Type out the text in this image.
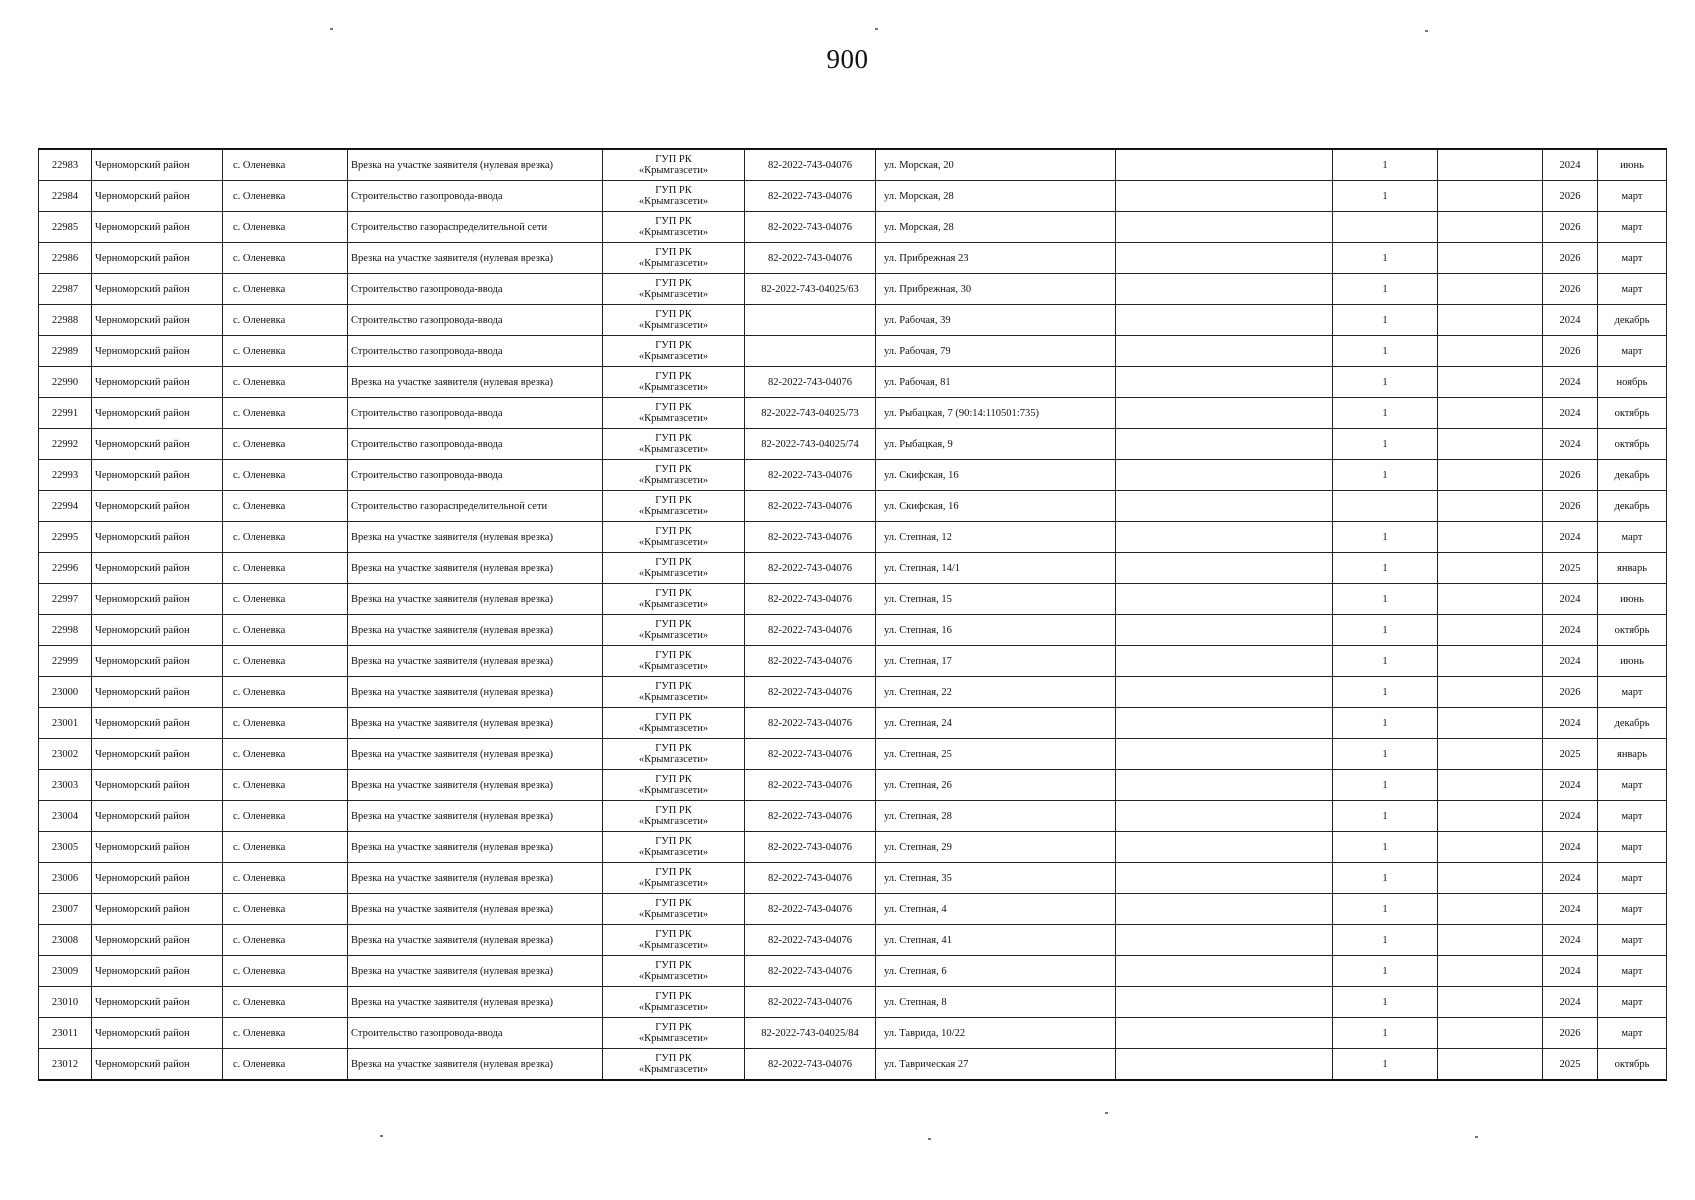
900
22983	Черноморский район	с. Оленевка	Врезка на участке заявителя (нулевая врезка)	ГУП РК
«Крымгазсети»	82-2022-743-04076	ул. Морская, 20		1		2024	июнь
22984	Черноморский район	с. Оленевка	Строительство газопровода-ввода	ГУП РК
«Крымгазсети»	82-2022-743-04076	ул. Морская, 28		1		2026	март
22985	Черноморский район	с. Оленевка	Строительство газораспределительной сети	ГУП РК
«Крымгазсети»	82-2022-743-04076	ул. Морская, 28				2026	март
22986	Черноморский район	с. Оленевка	Врезка на участке заявителя (нулевая врезка)	ГУП РК
«Крымгазсети»	82-2022-743-04076	ул. Прибрежная 23		1		2026	март
22987	Черноморский район	с. Оленевка	Строительство газопровода-ввода	ГУП РК
«Крымгазсети»	82-2022-743-04025/63	ул. Прибрежная, 30		1		2026	март
22988	Черноморский район	с. Оленевка	Строительство газопровода-ввода	ГУП РК
«Крымгазсети»		ул. Рабочая, 39		1		2024	декабрь
22989	Черноморский район	с. Оленевка	Строительство газопровода-ввода	ГУП РК
«Крымгазсети»		ул. Рабочая, 79		1		2026	март
22990	Черноморский район	с. Оленевка	Врезка на участке заявителя (нулевая врезка)	ГУП РК
«Крымгазсети»	82-2022-743-04076	ул. Рабочая, 81		1		2024	ноябрь
22991	Черноморский район	с. Оленевка	Строительство газопровода-ввода	ГУП РК
«Крымгазсети»	82-2022-743-04025/73	ул. Рыбацкая, 7 (90:14:110501:735)		1		2024	октябрь
22992	Черноморский район	с. Оленевка	Строительство газопровода-ввода	ГУП РК
«Крымгазсети»	82-2022-743-04025/74	ул. Рыбацкая, 9		1		2024	октябрь
22993	Черноморский район	с. Оленевка	Строительство газопровода-ввода	ГУП РК
«Крымгазсети»	82-2022-743-04076	ул. Скифская, 16		1		2026	декабрь
22994	Черноморский район	с. Оленевка	Строительство газораспределительной сети	ГУП РК
«Крымгазсети»	82-2022-743-04076	ул. Скифская, 16				2026	декабрь
22995	Черноморский район	с. Оленевка	Врезка на участке заявителя (нулевая врезка)	ГУП РК
«Крымгазсети»	82-2022-743-04076	ул. Степная, 12		1		2024	март
22996	Черноморский район	с. Оленевка	Врезка на участке заявителя (нулевая врезка)	ГУП РК
«Крымгазсети»	82-2022-743-04076	ул. Степная, 14/1		1		2025	январь
22997	Черноморский район	с. Оленевка	Врезка на участке заявителя (нулевая врезка)	ГУП РК
«Крымгазсети»	82-2022-743-04076	ул. Степная, 15		1		2024	июнь
22998	Черноморский район	с. Оленевка	Врезка на участке заявителя (нулевая врезка)	ГУП РК
«Крымгазсети»	82-2022-743-04076	ул. Степная, 16		1		2024	октябрь
22999	Черноморский район	с. Оленевка	Врезка на участке заявителя (нулевая врезка)	ГУП РК
«Крымгазсети»	82-2022-743-04076	ул. Степная, 17		1		2024	июнь
23000	Черноморский район	с. Оленевка	Врезка на участке заявителя (нулевая врезка)	ГУП РК
«Крымгазсети»	82-2022-743-04076	ул. Степная, 22		1		2026	март
23001	Черноморский район	с. Оленевка	Врезка на участке заявителя (нулевая врезка)	ГУП РК
«Крымгазсети»	82-2022-743-04076	ул. Степная, 24		1		2024	декабрь
23002	Черноморский район	с. Оленевка	Врезка на участке заявителя (нулевая врезка)	ГУП РК
«Крымгазсети»	82-2022-743-04076	ул. Степная, 25		1		2025	январь
23003	Черноморский район	с. Оленевка	Врезка на участке заявителя (нулевая врезка)	ГУП РК
«Крымгазсети»	82-2022-743-04076	ул. Степная, 26		1		2024	март
23004	Черноморский район	с. Оленевка	Врезка на участке заявителя (нулевая врезка)	ГУП РК
«Крымгазсети»	82-2022-743-04076	ул. Степная, 28		1		2024	март
23005	Черноморский район	с. Оленевка	Врезка на участке заявителя (нулевая врезка)	ГУП РК
«Крымгазсети»	82-2022-743-04076	ул. Степная, 29		1		2024	март
23006	Черноморский район	с. Оленевка	Врезка на участке заявителя (нулевая врезка)	ГУП РК
«Крымгазсети»	82-2022-743-04076	ул. Степная, 35		1		2024	март
23007	Черноморский район	с. Оленевка	Врезка на участке заявителя (нулевая врезка)	ГУП РК
«Крымгазсети»	82-2022-743-04076	ул. Степная, 4		1		2024	март
23008	Черноморский район	с. Оленевка	Врезка на участке заявителя (нулевая врезка)	ГУП РК
«Крымгазсети»	82-2022-743-04076	ул. Степная, 41		1		2024	март
23009	Черноморский район	с. Оленевка	Врезка на участке заявителя (нулевая врезка)	ГУП РК
«Крымгазсети»	82-2022-743-04076	ул. Степная, 6		1		2024	март
23010	Черноморский район	с. Оленевка	Врезка на участке заявителя (нулевая врезка)	ГУП РК
«Крымгазсети»	82-2022-743-04076	ул. Степная, 8		1		2024	март
23011	Черноморский район	с. Оленевка	Строительство газопровода-ввода	ГУП РК
«Крымгазсети»	82-2022-743-04025/84	ул. Таврида, 10/22		1		2026	март
23012	Черноморский район	с. Оленевка	Врезка на участке заявителя (нулевая врезка)	ГУП РК
«Крымгазсети»	82-2022-743-04076	ул. Таврическая 27		1		2025	октябрь
